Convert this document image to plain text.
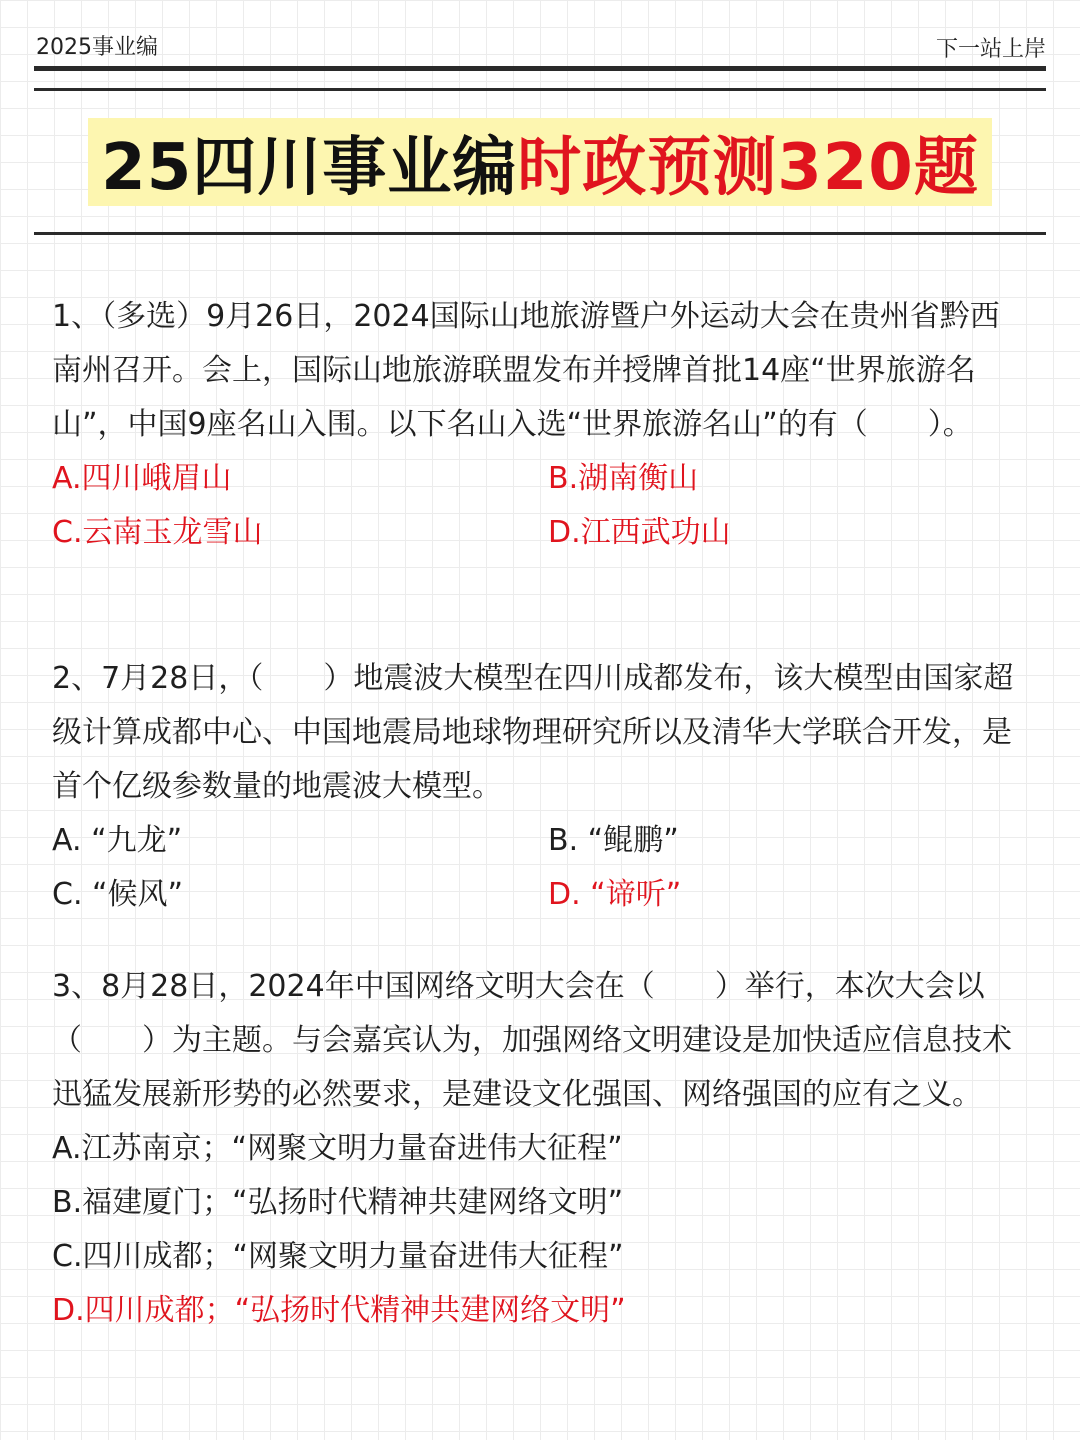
2025事业编	下一站上岸
25四川事业编 时政预测320题

1、（多选）9月26日，2024国际山地旅游暨户外运动大会在贵州省黔西南州召开。会上，国际山地旅游联盟发布并授牌首批14座“世界旅游名山”，中国9座名山入围。以下名山入选“世界旅游名山”的有（　　）。

A.四川峨眉山	B.湖南衡山
C.云南玉龙雪山	D.江西武功山

2、7月28日，（　　）地震波大模型在四川成都发布，该大模型由国家超级计算成都中心、中国地震局地球物理研究所以及清华大学联合开发，是首个亿级参数量的地震波大模型。

A. “九龙”	B. “鲲鹏”
C. “候风”	D. “谛听”

3、8月28日，2024年中国网络文明大会在（　　）举行，本次大会以（　　）为主题。与会嘉宾认为，加强网络文明建设是加快适应信息技术迅猛发展新形势的必然要求，是建设文化强国、网络强国的应有之义。

A.江苏南京；“网聚文明力量奋进伟大征程”
B.福建厦门；“弘扬时代精神共建网络文明”
C.四川成都；“网聚文明力量奋进伟大征程”
D.四川成都；“弘扬时代精神共建网络文明”
